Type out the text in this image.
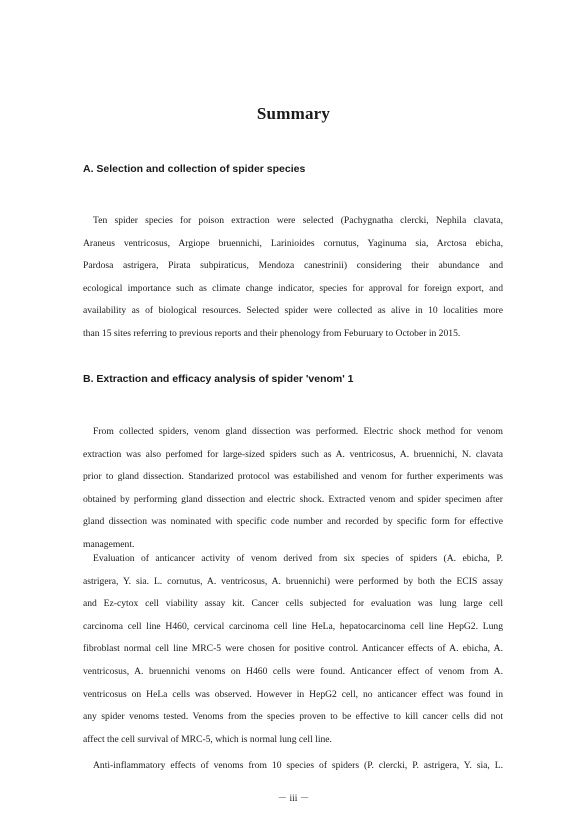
Summary
A. Selection and collection of spider species
Ten spider species for poison extraction were selected (Pachygnatha clercki, Nephila clavata,
Araneus ventricosus, Argiope bruennichi, Larinioides cornutus, Yaginuma sia, Arctosa ebicha,
Pardosa astrigera, Pirata subpiraticus, Mendoza canestrinii) considering their abundance and
ecological importance such as climate change indicator, species for approval for foreign export, and
availability as of biological resources. Selected spider were collected as alive in 10 localities more
than 15 sites referring to previous reports and their phenology from Feburuary to October in 2015.
B. Extraction and efficacy analysis of spider 'venom' 1
From collected spiders, venom gland dissection was performed. Electric shock method for venom
extraction was also perfomed for large-sized spiders such as A. ventricosus, A. bruennichi, N. clavata
prior to gland dissection. Standarized protocol was estabilished and venom for further experiments was
obtained by performing gland dissection and electric shock. Extracted venom and spider specimen after
gland dissection was nominated with specific code number and recorded by specific form for effective
management.
Evaluation of anticancer activity of venom derived from six species of spiders (A. ebicha, P.
astrigera, Y. sia. L. cornutus, A. ventricosus, A. bruennichi) were performed by both the ECIS assay
and Ez-cytox cell viability assay kit. Cancer cells subjected for evaluation was lung large cell
carcinoma cell line H460, cervical carcinoma cell line HeLa, hepatocarcinoma cell line HepG2. Lung
fibroblast normal cell line MRC-5 were chosen for positive control. Anticancer effects of A. ebicha, A.
ventricosus, A. bruennichi venoms on H460 cells were found. Anticancer effect of venom from A.
ventricosus on HeLa cells was observed. However in HepG2 cell, no anticancer effect was found in
any spider venoms tested. Venoms from the species proven to be effective to kill cancer cells did not
affect the cell survival of MRC-5, which is normal lung cell line.
Anti-inflammatory effects of venoms from 10 species of spiders (P. clercki, P. astrigera, Y. sia, L.
－ iii －
